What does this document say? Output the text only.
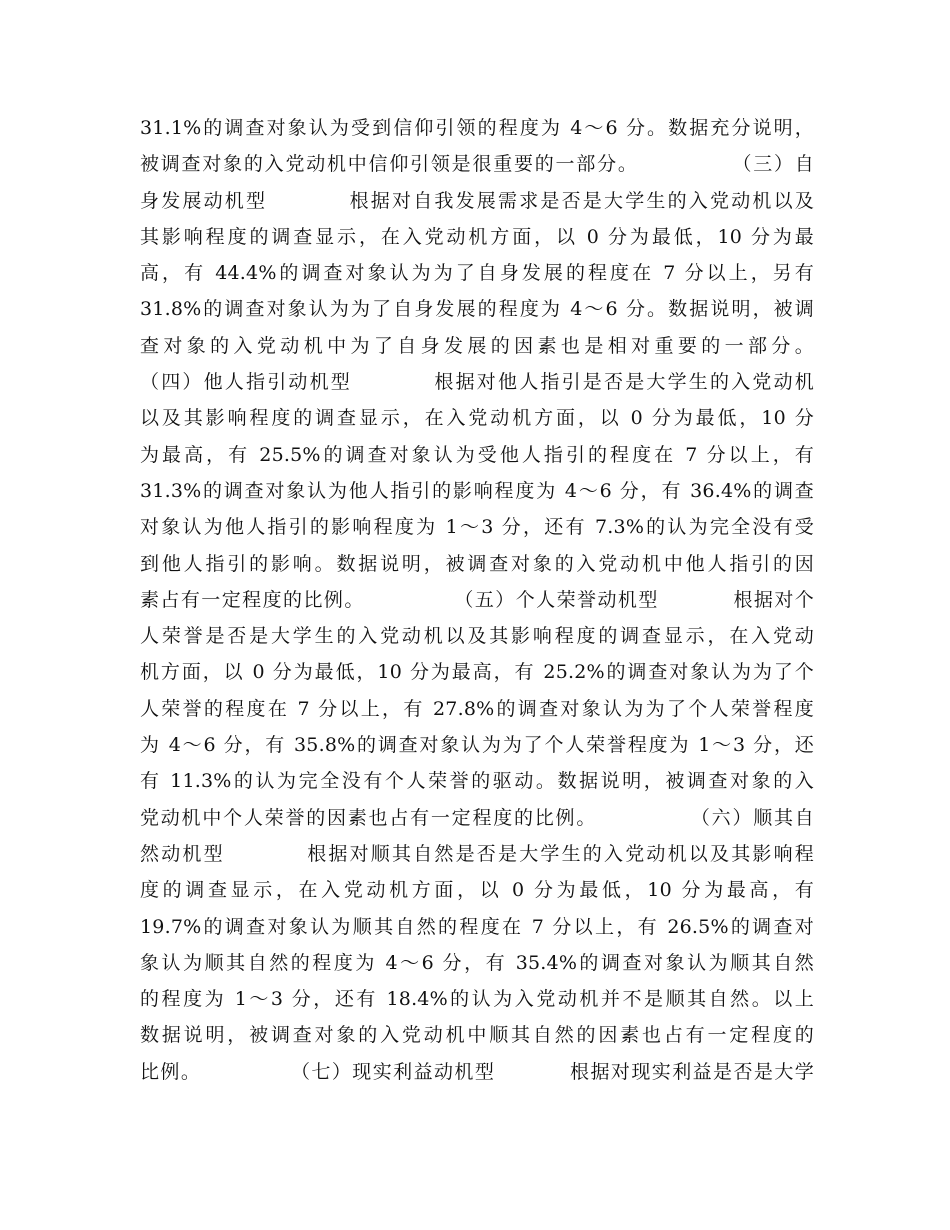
31.1%的调查对象认为受到信仰引领的程度为 4～6 分。数据充分说明，
被调查对象的入党动机中信仰引领是很重要的一部分。            （三）自
身发展动机型          根据对自我发展需求是否是大学生的入党动机以及
其影响程度的调查显示，在入党动机方面，以 0 分为最低，10 分为最
高，有 44.4%的调查对象认为为了自身发展的程度在 7 分以上，另有
31.8%的调查对象认为为了自身发展的程度为 4～6 分。数据说明，被调
查对象的入党动机中为了自身发展的因素也是相对重要的一部分。
（四）他人指引动机型          根据对他人指引是否是大学生的入党动机
以及其影响程度的调查显示，在入党动机方面，以 0 分为最低，10 分
为最高，有 25.5%的调查对象认为受他人指引的程度在 7 分以上，有
31.3%的调查对象认为他人指引的影响程度为 4～6 分，有 36.4%的调查
对象认为他人指引的影响程度为 1～3 分，还有 7.3%的认为完全没有受
到他人指引的影响。数据说明，被调查对象的入党动机中他人指引的因
素占有一定程度的比例。            （五）个人荣誉动机型          根据对个
人荣誉是否是大学生的入党动机以及其影响程度的调查显示，在入党动
机方面，以 0 分为最低，10 分为最高，有 25.2%的调查对象认为为了个
人荣誉的程度在 7 分以上，有 27.8%的调查对象认为为了个人荣誉程度
为 4～6 分，有 35.8%的调查对象认为为了个人荣誉程度为 1～3 分，还
有 11.3%的认为完全没有个人荣誉的驱动。数据说明，被调查对象的入
党动机中个人荣誉的因素也占有一定程度的比例。            （六）顺其自
然动机型          根据对顺其自然是否是大学生的入党动机以及其影响程
度的调查显示，在入党动机方面，以 0 分为最低，10 分为最高，有
19.7%的调查对象认为顺其自然的程度在 7 分以上，有 26.5%的调查对
象认为顺其自然的程度为 4～6 分，有 35.4%的调查对象认为顺其自然
的程度为 1～3 分，还有 18.4%的认为入党动机并不是顺其自然。以上
数据说明，被调查对象的入党动机中顺其自然的因素也占有一定程度的
比例。            （七）现实利益动机型          根据对现实利益是否是大学
